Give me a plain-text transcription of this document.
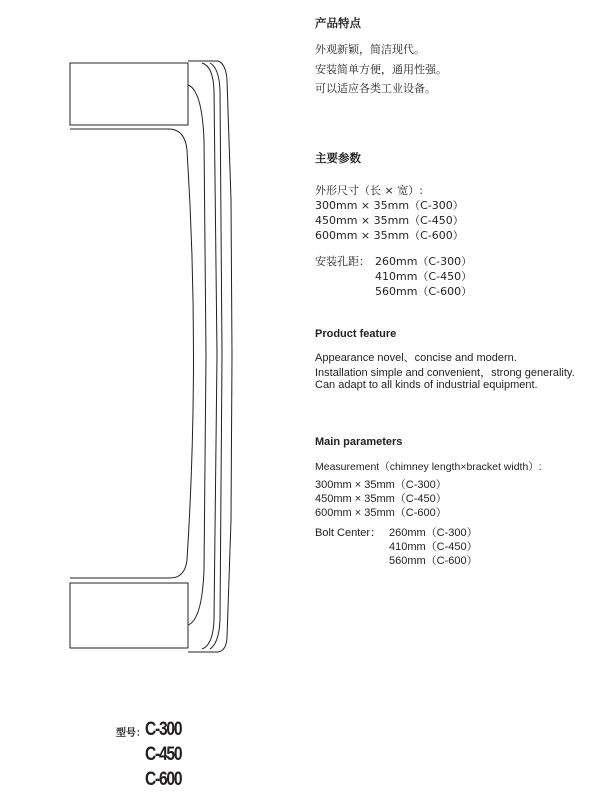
产品特点

外观新颖，简洁现代。

安装简单方便，通用性强。

可以适应各类工业设备。

主要参数

外形尺寸（长 × 宽）:

300mm × 35mm（C-300）

450mm × 35mm（C-450）

600mm × 35mm（C-600）

安装孔距： 260mm（C-300）

410mm（C-450）

560mm（C-600）

Product feature

Appearance novel、concise and modern.

Installation simple and convenient，strong generality.

Can adapt to all kinds of industrial equipment.

Main parameters

Measurement（chimney length×bracket width）:

300mm × 35mm（C-300）

450mm × 35mm（C-450）

600mm × 35mm（C-600）

Bolt Center： 260mm（C-300）

410mm（C-450）

560mm（C-600）

型号： C-300
C-450
C-600
